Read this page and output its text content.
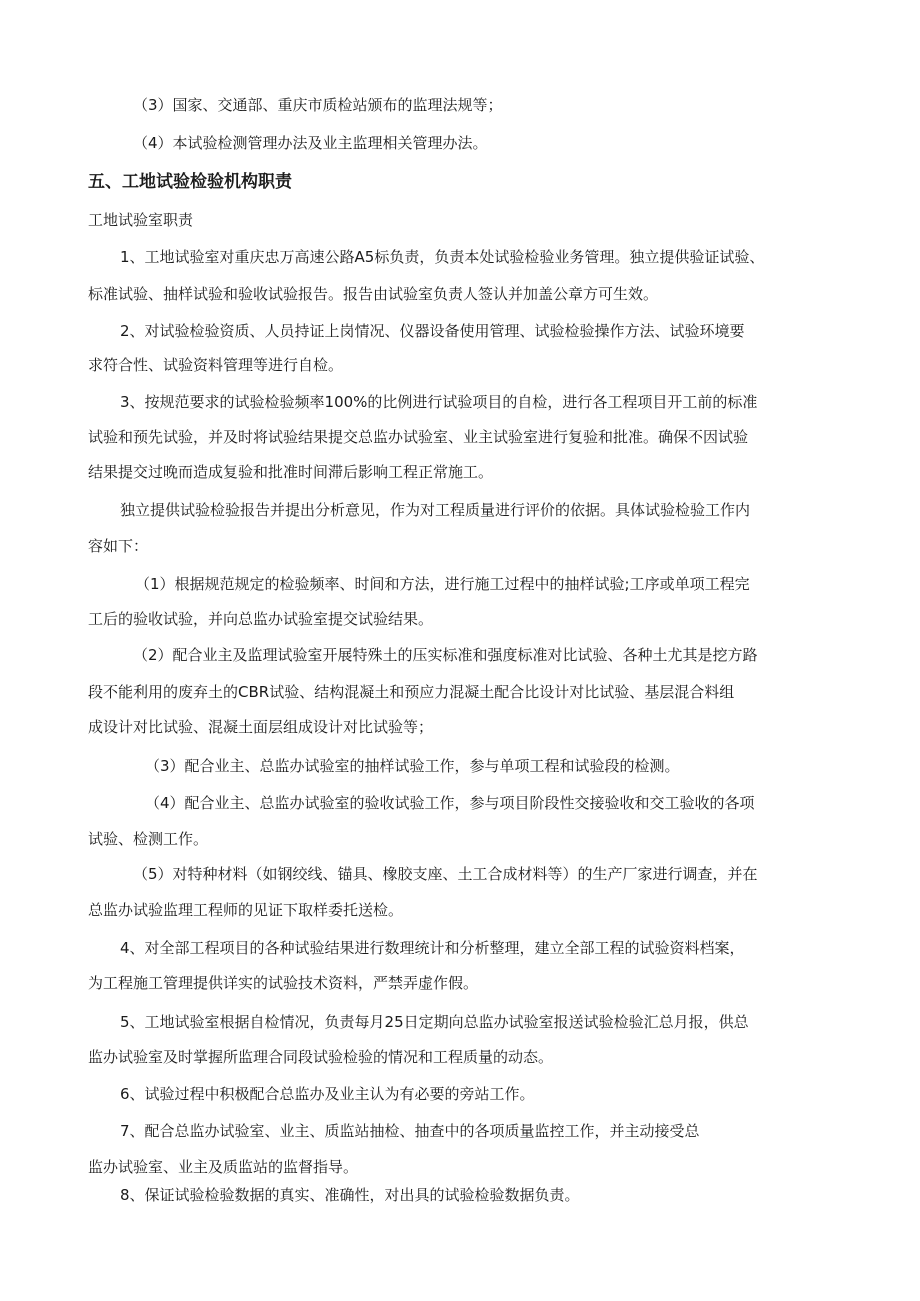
（3）国家、交通部、重庆市质检站颁布的监理法规等；
（4）本试验检测管理办法及业主监理相关管理办法。
五、工地试验检验机构职责
工地试验室职责
1、工地试验室对重庆忠万高速公路A5标负责，负责本处试验检验业务管理。独立提供验证试验、
标准试验、抽样试验和验收试验报告。报告由试验室负责人签认并加盖公章方可生效。
2、对试验检验资质、人员持证上岗情况、仪器设备使用管理、试验检验操作方法、试验环境要
求符合性、试验资料管理等进行自检。
3、按规范要求的试验检验频率100%的比例进行试验项目的自检，进行各工程项目开工前的标准
试验和预先试验，并及时将试验结果提交总监办试验室、业主试验室进行复验和批准。确保不因试验
结果提交过晚而造成复验和批准时间滞后影响工程正常施工。
独立提供试验检验报告并提出分析意见，作为对工程质量进行评价的依据。具体试验检验工作内
容如下：
（1）根据规范规定的检验频率、时间和方法，进行施工过程中的抽样试验;工序或单项工程完
工后的验收试验，并向总监办试验室提交试验结果。
（2）配合业主及监理试验室开展特殊土的压实标准和强度标准对比试验、各种土尤其是挖方路
段不能利用的废弃土的CBR试验、结构混凝土和预应力混凝土配合比设计对比试验、基层混合料组
成设计对比试验、混凝土面层组成设计对比试验等；
（3）配合业主、总监办试验室的抽样试验工作，参与单项工程和试验段的检测。
（4）配合业主、总监办试验室的验收试验工作，参与项目阶段性交接验收和交工验收的各项
试验、检测工作。
（5）对特种材料（如钢绞线、锚具、橡胶支座、土工合成材料等）的生产厂家进行调查，并在
总监办试验监理工程师的见证下取样委托送检。
4、对全部工程项目的各种试验结果进行数理统计和分析整理，建立全部工程的试验资料档案，
为工程施工管理提供详实的试验技术资料，严禁弄虚作假。
5、工地试验室根据自检情况，负责每月25日定期向总监办试验室报送试验检验汇总月报，供总
监办试验室及时掌握所监理合同段试验检验的情况和工程质量的动态。
6、试验过程中积极配合总监办及业主认为有必要的旁站工作。
7、配合总监办试验室、业主、质监站抽检、抽查中的各项质量监控工作，并主动接受总
监办试验室、业主及质监站的监督指导。
8、保证试验检验数据的真实、准确性，对出具的试验检验数据负责。
